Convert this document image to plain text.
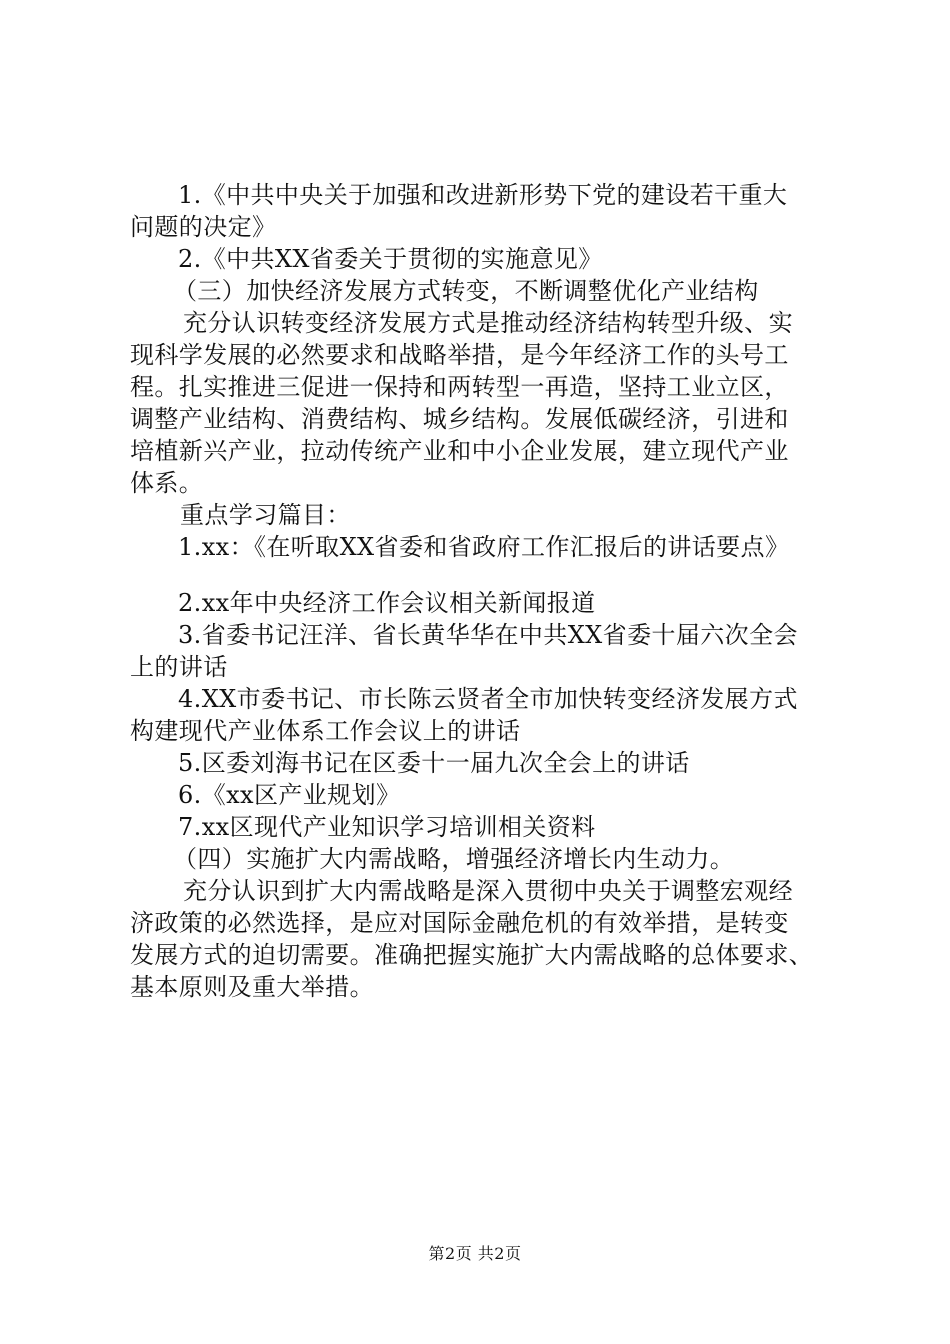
1.《中共中央关于加强和改进新形势下党的建设若干重大
问题的决定》
2.《中共XX省委关于贯彻的实施意见》
（三）加快经济发展方式转变，不断调整优化产业结构
充分认识转变经济发展方式是推动经济结构转型升级、实
现科学发展的必然要求和战略举措，是今年经济工作的头号工
程。扎实推进三促进一保持和两转型一再造，坚持工业立区，
调整产业结构、消费结构、城乡结构。发展低碳经济，引进和
培植新兴产业，拉动传统产业和中小企业发展，建立现代产业
体系。
重点学习篇目：
1.xx：《在听取XX省委和省政府工作汇报后的讲话要点》
2.xx年中央经济工作会议相关新闻报道
3.省委书记汪洋、省长黄华华在中共XX省委十届六次全会
上的讲话
4.XX市委书记、市长陈云贤者全市加快转变经济发展方式
构建现代产业体系工作会议上的讲话
5.区委刘海书记在区委十一届九次全会上的讲话
6.《xx区产业规划》
7.xx区现代产业知识学习培训相关资料
（四）实施扩大内需战略，增强经济增长内生动力。
充分认识到扩大内需战略是深入贯彻中央关于调整宏观经
济政策的必然选择，是应对国际金融危机的有效举措，是转变
发展方式的迫切需要。准确把握实施扩大内需战略的总体要求、
基本原则及重大举措。
第2页 共2页
